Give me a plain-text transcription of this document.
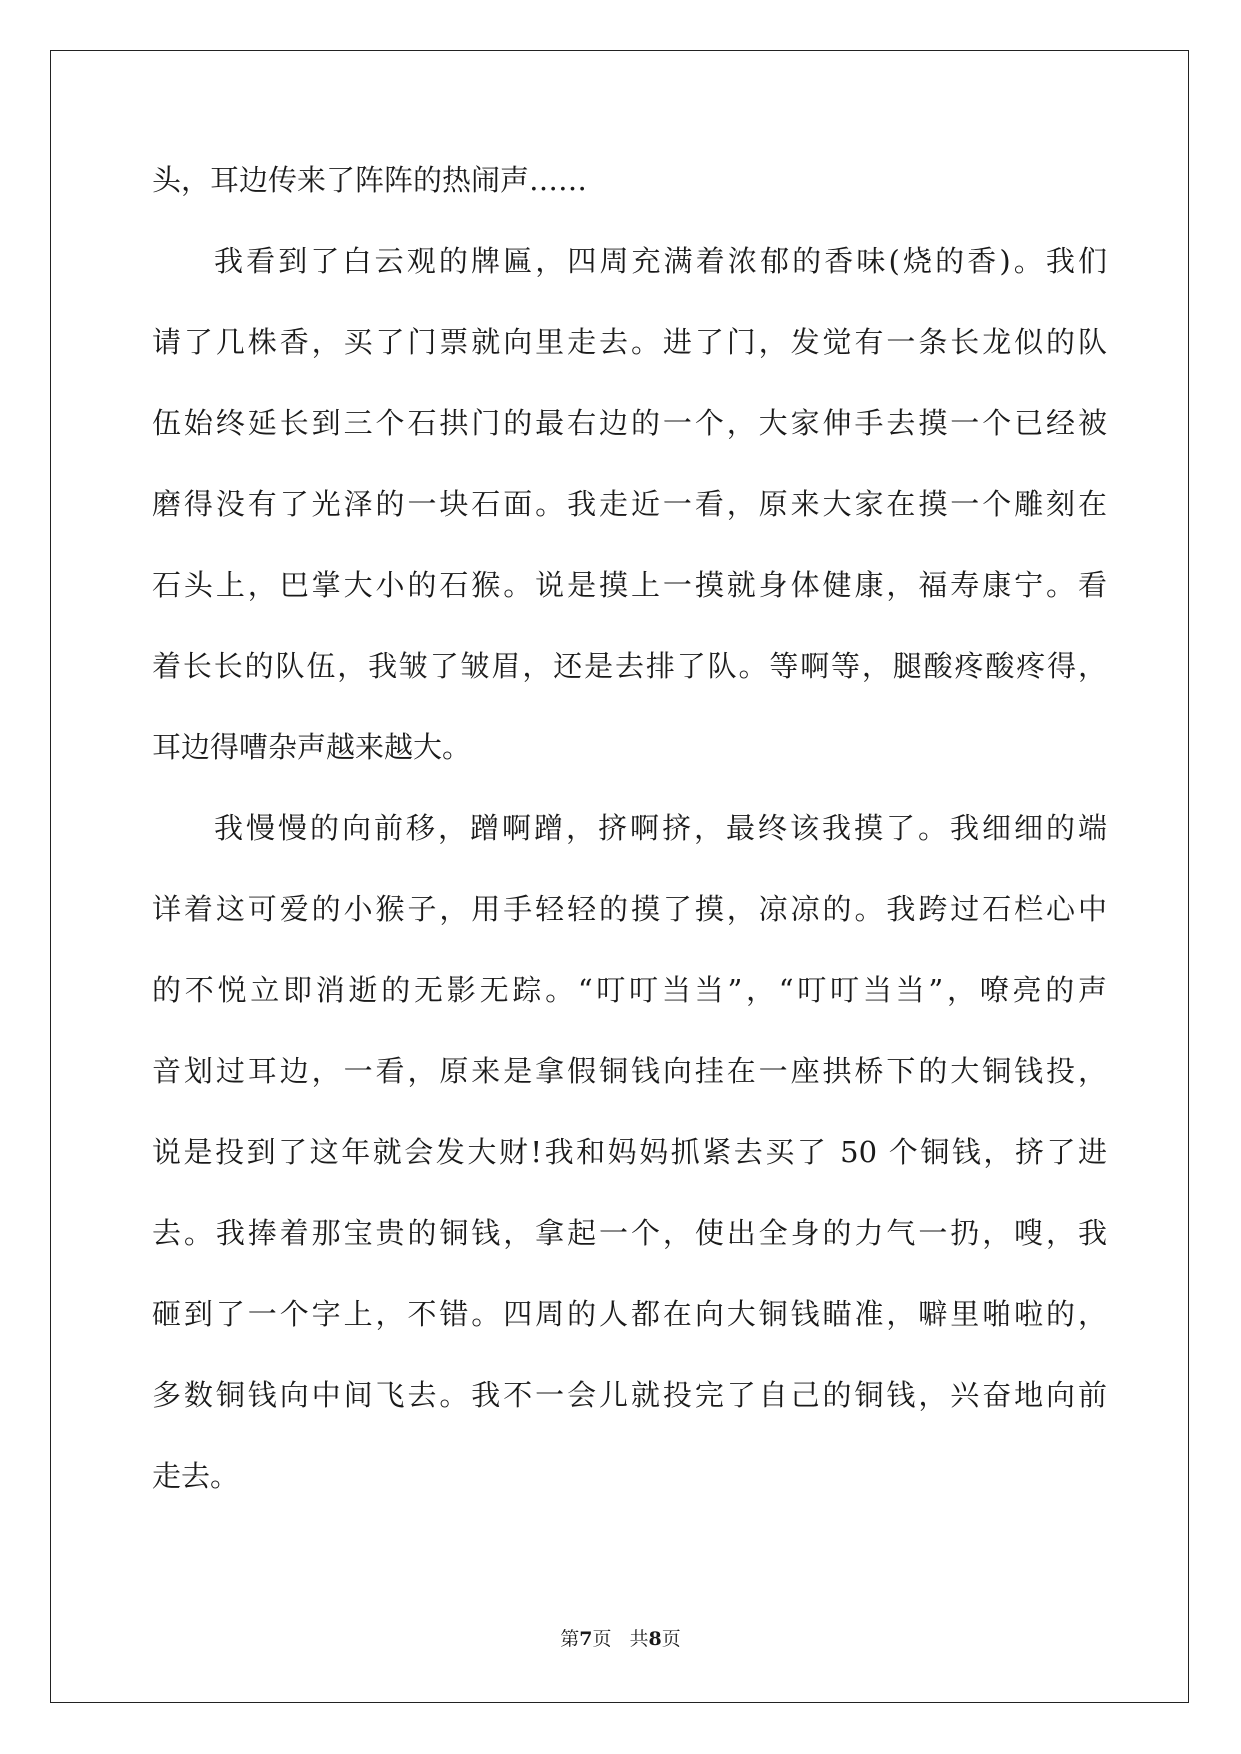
头，耳边传来了阵阵的热闹声……
我看到了白云观的牌匾，四周充满着浓郁的香味(烧的香)。我们
请了几株香，买了门票就向里走去。进了门，发觉有一条长龙似的队
伍始终延长到三个石拱门的最右边的一个，大家伸手去摸一个已经被
磨得没有了光泽的一块石面。我走近一看，原来大家在摸一个雕刻在
石头上，巴掌大小的石猴。说是摸上一摸就身体健康，福寿康宁。看
着长长的队伍，我皱了皱眉，还是去排了队。等啊等，腿酸疼酸疼得，
耳边得嘈杂声越来越大。
我慢慢的向前移，蹭啊蹭，挤啊挤，最终该我摸了。我细细的端
详着这可爱的小猴子，用手轻轻的摸了摸，凉凉的。我跨过石栏心中
的不悦立即消逝的无影无踪。“叮叮当当”，“叮叮当当”，嘹亮的声
音划过耳边，一看，原来是拿假铜钱向挂在一座拱桥下的大铜钱投，
说是投到了这年就会发大财!我和妈妈抓紧去买了 50 个铜钱，挤了进
去。我捧着那宝贵的铜钱，拿起一个，使出全身的力气一扔，嗖，我
砸到了一个字上，不错。四周的人都在向大铜钱瞄准，噼里啪啦的，
多数铜钱向中间飞去。我不一会儿就投完了自己的铜钱，兴奋地向前
走去。
第7页 共8页
